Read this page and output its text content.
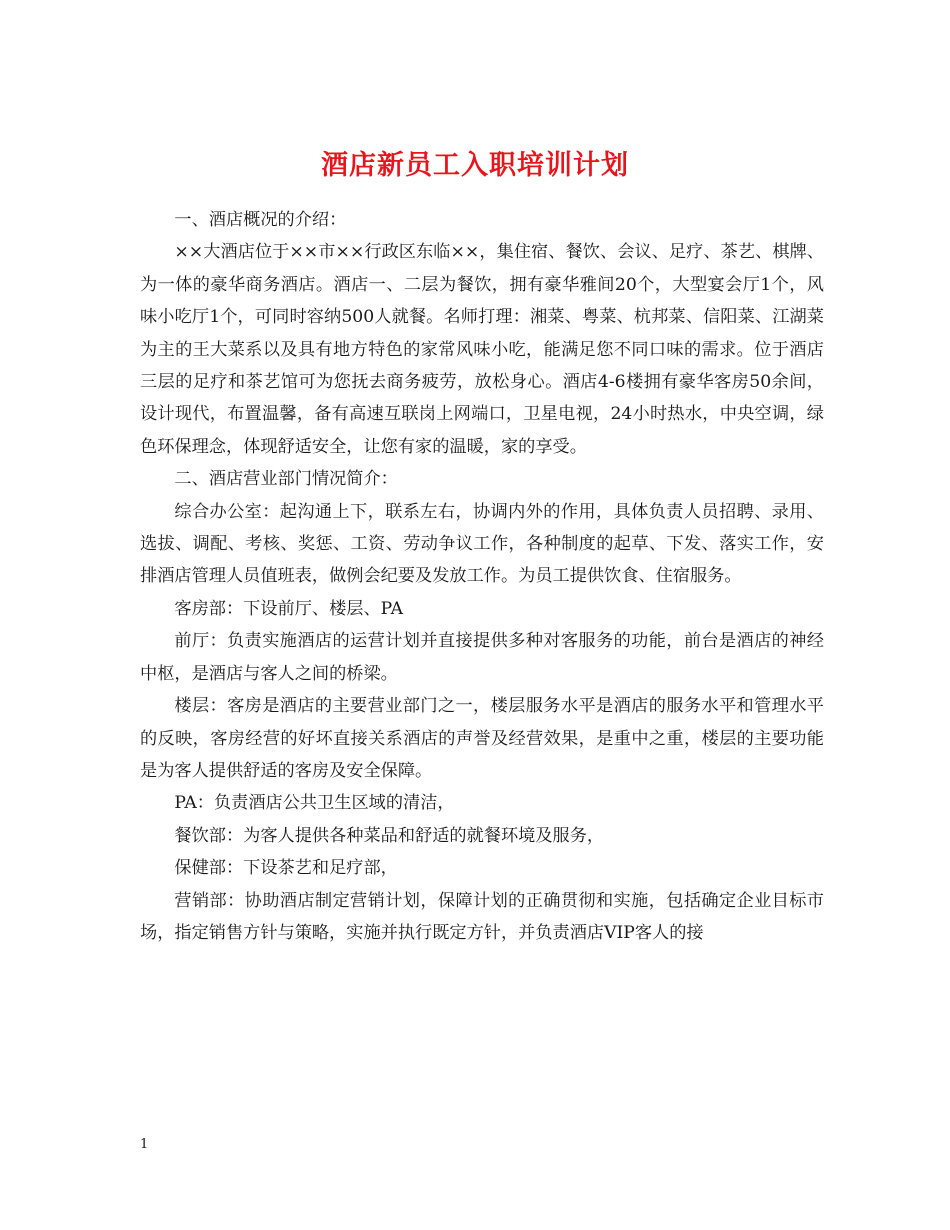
酒店新员工入职培训计划

一、酒店概况的介绍：

××大酒店位于××市××行政区东临××，集住宿、餐饮、会议、足疗、茶艺、棋牌、为一体的豪华商务酒店。酒店一、二层为餐饮，拥有豪华雅间20个，大型宴会厅1个，风味小吃厅1个，可同时容纳500人就餐。名师打理：湘菜、粤菜、杭邦菜、信阳菜、江湖菜为主的王大菜系以及具有地方特色的家常风味小吃，能满足您不同口味的需求。位于酒店三层的足疗和茶艺馆可为您抚去商务疲劳，放松身心。酒店4-6楼拥有豪华客房50余间，设计现代，布置温馨，备有高速互联岗上网端口，卫星电视，24小时热水，中央空调，绿色环保理念，体现舒适安全，让您有家的温暖，家的享受。

二、酒店营业部门情况简介：

综合办公室：起沟通上下，联系左右，协调内外的作用，具体负责人员招聘、录用、选拔、调配、考核、奖惩、工资、劳动争议工作，各种制度的起草、下发、落实工作，安排酒店管理人员值班表，做例会纪要及发放工作。为员工提供饮食、住宿服务。

客房部：下设前厅、楼层、PA

前厅：负责实施酒店的运营计划并直接提供多种对客服务的功能，前台是酒店的神经中枢，是酒店与客人之间的桥梁。

楼层：客房是酒店的主要营业部门之一，楼层服务水平是酒店的服务水平和管理水平的反映，客房经营的好坏直接关系酒店的声誉及经营效果，是重中之重，楼层的主要功能是为客人提供舒适的客房及安全保障。

PA：负责酒店公共卫生区域的清洁，

餐饮部：为客人提供各种菜品和舒适的就餐环境及服务，

保健部：下设茶艺和足疗部，

营销部：协助酒店制定营销计划，保障计划的正确贯彻和实施，包括确定企业目标市场，指定销售方针与策略，实施并执行既定方针，并负责酒店VIP客人的接

1
